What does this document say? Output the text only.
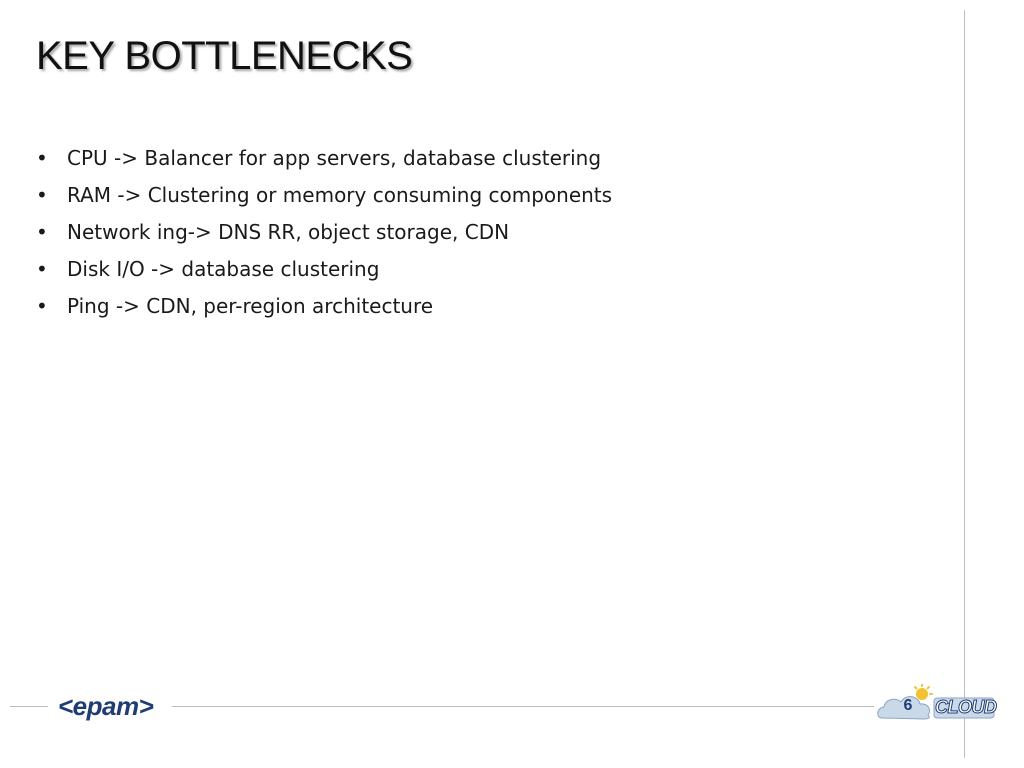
KEY BOTTLENECKS
• CPU -> Balancer for app servers, database clustering
• RAM -> Clustering or memory consuming components
• Network ing-> DNS RR, object storage, CDN
• Disk I/O -> database clustering
• Ping -> CDN, per-region architecture
<epam>	6	CLOUD
